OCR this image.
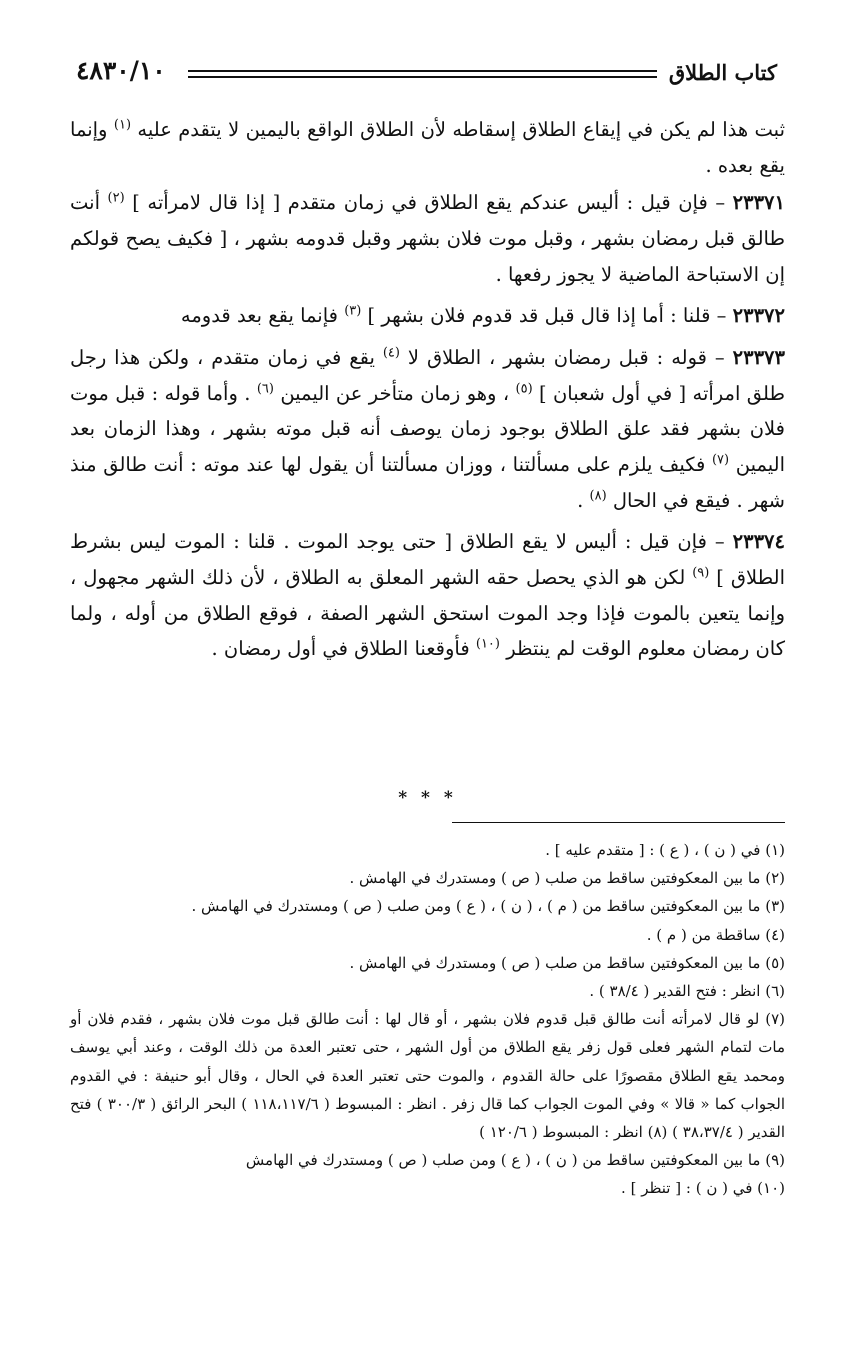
كتاب الطلاق
٤٨٣٠/١٠

ثبت هذا لم يكن في إيقاع الطلاق إسقاطه لأن الطلاق الواقع باليمين لا يتقدم عليه $^{(١)}$ وإنما يقع بعده .

٢٣٣٧١ – فإن قيل : أليس عندكم يقع الطلاق في زمان متقدم [ إذا قال لامرأته ] $^{(٢)}$ أنت طالق قبل رمضان بشهر ، وقبل موت فلان بشهر وقبل قدومه بشهر ، [ فكيف يصح قولكم إن الاستباحة الماضية لا يجوز رفعها .

٢٣٣٧٢ – قلنا : أما إذا قال قبل قد قدوم فلان بشهر ] $^{(٣)}$ فإنما يقع بعد قدومه

٢٣٣٧٣ – قوله : قبل رمضان بشهر ، الطلاق لا $^{(٤)}$ يقع في زمان متقدم ، ولكن هذا رجل طلق امرأته [ في أول شعبان ] $^{(٥)}$ ، وهو زمان متأخر عن اليمين $^{(٦)}$ . وأما قوله : قبل موت فلان بشهر فقد علق الطلاق بوجود زمان يوصف أنه قبل موته بشهر ، وهذا الزمان بعد اليمين $^{(٧)}$ فكيف يلزم على مسألتنا ، ووزان مسألتنا أن يقول لها عند موته : أنت طالق منذ شهر . فيقع في الحال $^{(٨)}$ .

٢٣٣٧٤ – فإن قيل : أليس لا يقع الطلاق [ حتى يوجد الموت . قلنا : الموت ليس بشرط الطلاق ] $^{(٩)}$ لكن هو الذي يحصل حقه الشهر المعلق به الطلاق ، لأن ذلك الشهر مجهول ، وإنما يتعين بالموت فإذا وجد الموت استحق الشهر الصفة ، فوقع الطلاق من أوله ، ولما كان رمضان معلوم الوقت لم ينتظر $^{(١٠)}$ فأوقعنا الطلاق في أول رمضان .

* * *

(١) في ( ن ) ، ( ع ) : [ متقدم عليه ] .

(٢) ما بين المعكوفتين ساقط من صلب ( ص ) ومستدرك في الهامش .

(٣) ما بين المعكوفتين ساقط من ( م ) ، ( ن ) ، ( ع ) ومن صلب ( ص ) ومستدرك في الهامش .

(٤) ساقطة من ( م ) .

(٥) ما بين المعكوفتين ساقط من صلب ( ص ) ومستدرك في الهامش .

(٦) انظر : فتح القدير ( ٣٨/٤ ) .

(٧) لو قال لامرأته أنت طالق قبل قدوم فلان بشهر ، أو قال لها : أنت طالق قبل موت فلان بشهر ، فقدم فلان أو مات لتمام الشهر فعلى قول زفر يقع الطلاق من أول الشهر ، حتى تعتبر العدة من ذلك الوقت ، وعند أبي يوسف ومحمد يقع الطلاق مقصورًا على حالة القدوم ، والموت حتى تعتبر العدة في الحال ، وقال أبو حنيفة : في القدوم الجواب كما « قالا » وفي الموت الجواب كما قال زفر . انظر : المبسوط ( ١١٨،١١٧/٦ ) البحر الرائق ( ٣٠٠/٣ ) فتح القدير ( ٣٨،٣٧/٤ ) (٨) انظر : المبسوط ( ١٢٠/٦ )

(٩) ما بين المعكوفتين ساقط من ( ن ) ، ( ع ) ومن صلب ( ص ) ومستدرك في الهامش

(١٠) في ( ن ) : [ تنظر ] .
